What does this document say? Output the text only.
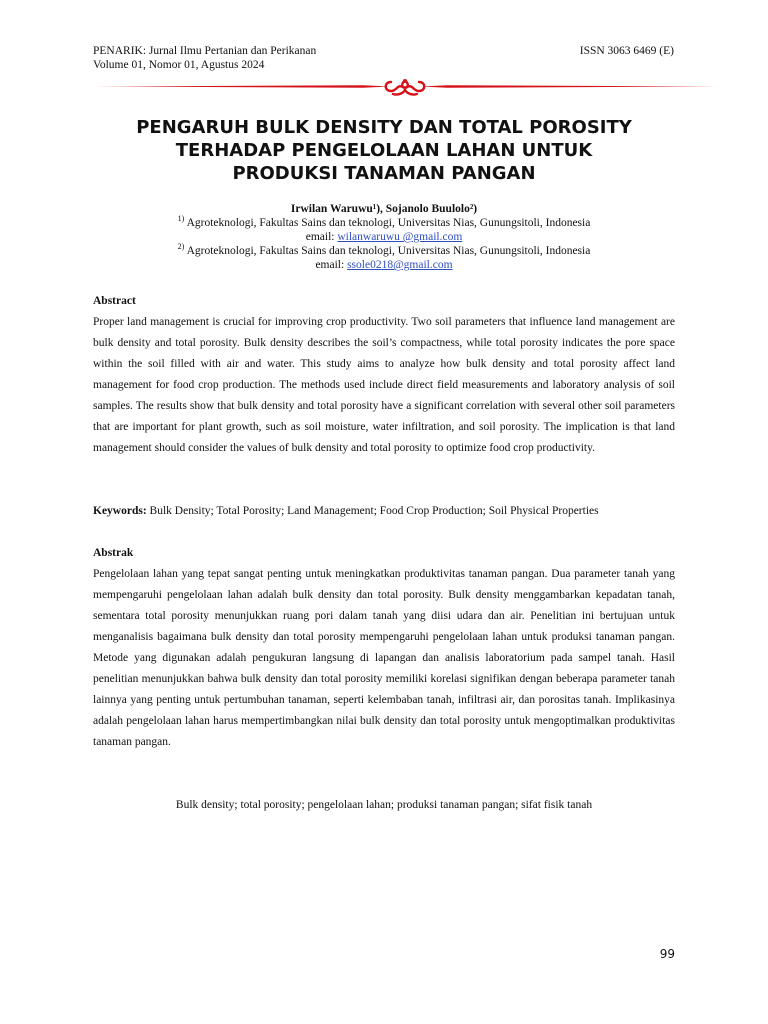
PENARIK: Jurnal Ilmu Pertanian dan Perikanan
Volume 01, Nomor 01, Agustus 2024
ISSN 3063 6469 (E)
PENGARUH BULK DENSITY DAN TOTAL POROSITY
TERHADAP PENGELOLAAN LAHAN UNTUK
PRODUKSI TANAMAN PANGAN
Irwilan Waruwu¹), Sojanolo Buulolo²)
$^{1)}$ Agroteknologi, Fakultas Sains dan teknologi, Universitas Nias, Gunungsitoli, Indonesia
email: wilanwaruwu @gmail.com
$^{2)}$ Agroteknologi, Fakultas Sains dan teknologi, Universitas Nias, Gunungsitoli, Indonesia
email: ssole0218@gmail.com

Abstract

Proper land management is crucial for improving crop productivity. Two soil parameters that influence land management are bulk density and total porosity. Bulk density describes the soil’s compactness, while total porosity indicates the pore space within the soil filled with air and water. This study aims to analyze how bulk density and total porosity affect land management for food crop production. The methods used include direct field measurements and laboratory analysis of soil samples. The results show that bulk density and total porosity have a significant correlation with several other soil parameters that are important for plant growth, such as soil moisture, water infiltration, and soil porosity. The implication is that land management should consider the values of bulk density and total porosity to optimize food crop productivity.

Keywords: Bulk Density; Total Porosity; Land Management; Food Crop Production; Soil Physical Properties

Abstrak

Pengelolaan lahan yang tepat sangat penting untuk meningkatkan produktivitas tanaman pangan. Dua parameter tanah yang mempengaruhi pengelolaan lahan adalah bulk density dan total porosity. Bulk density menggambarkan kepadatan tanah, sementara total porosity menunjukkan ruang pori dalam tanah yang diisi udara dan air. Penelitian ini bertujuan untuk menganalisis bagaimana bulk density dan total porosity mempengaruhi pengelolaan lahan untuk produksi tanaman pangan. Metode yang digunakan adalah pengukuran langsung di lapangan dan analisis laboratorium pada sampel tanah. Hasil penelitian menunjukkan bahwa bulk density dan total porosity memiliki korelasi signifikan dengan beberapa parameter tanah lainnya yang penting untuk pertumbuhan tanaman, seperti kelembaban tanah, infiltrasi air, dan porositas tanah. Implikasinya adalah pengelolaan lahan harus mempertimbangkan nilai bulk density dan total porosity untuk mengoptimalkan produktivitas tanaman pangan.

Bulk density; total porosity; pengelolaan lahan; produksi tanaman pangan; sifat fisik tanah
99
